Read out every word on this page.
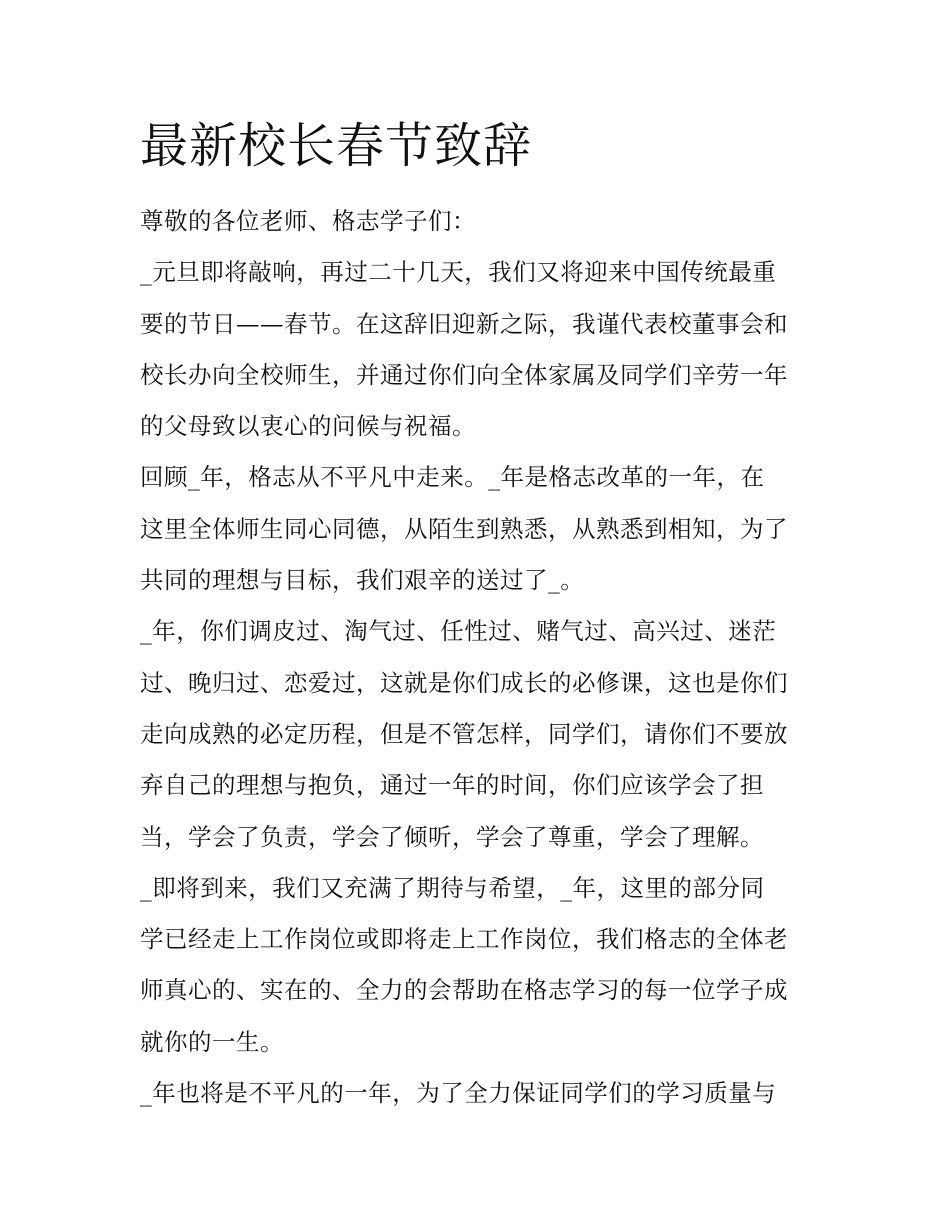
最新校长春节致辞
尊敬的各位老师、格志学子们：
_元旦即将敲响，再过二十几天，我们又将迎来中国传统最重
要的节日——春节。在这辞旧迎新之际，我谨代表校董事会和
校长办向全校师生，并通过你们向全体家属及同学们辛劳一年
的父母致以衷心的问候与祝福。
回顾_年，格志从不平凡中走来。_年是格志改革的一年，在
这里全体师生同心同德，从陌生到熟悉，从熟悉到相知，为了
共同的理想与目标，我们艰辛的送过了_。
_年，你们调皮过、淘气过、任性过、赌气过、高兴过、迷茫
过、晚归过、恋爱过，这就是你们成长的必修课，这也是你们
走向成熟的必定历程，但是不管怎样，同学们，请你们不要放
弃自己的理想与抱负，通过一年的时间，你们应该学会了担
当，学会了负责，学会了倾听，学会了尊重，学会了理解。
_即将到来，我们又充满了期待与希望，_年，这里的部分同
学已经走上工作岗位或即将走上工作岗位，我们格志的全体老
师真心的、实在的、全力的会帮助在格志学习的每一位学子成
就你的一生。
_年也将是不平凡的一年，为了全力保证同学们的学习质量与
